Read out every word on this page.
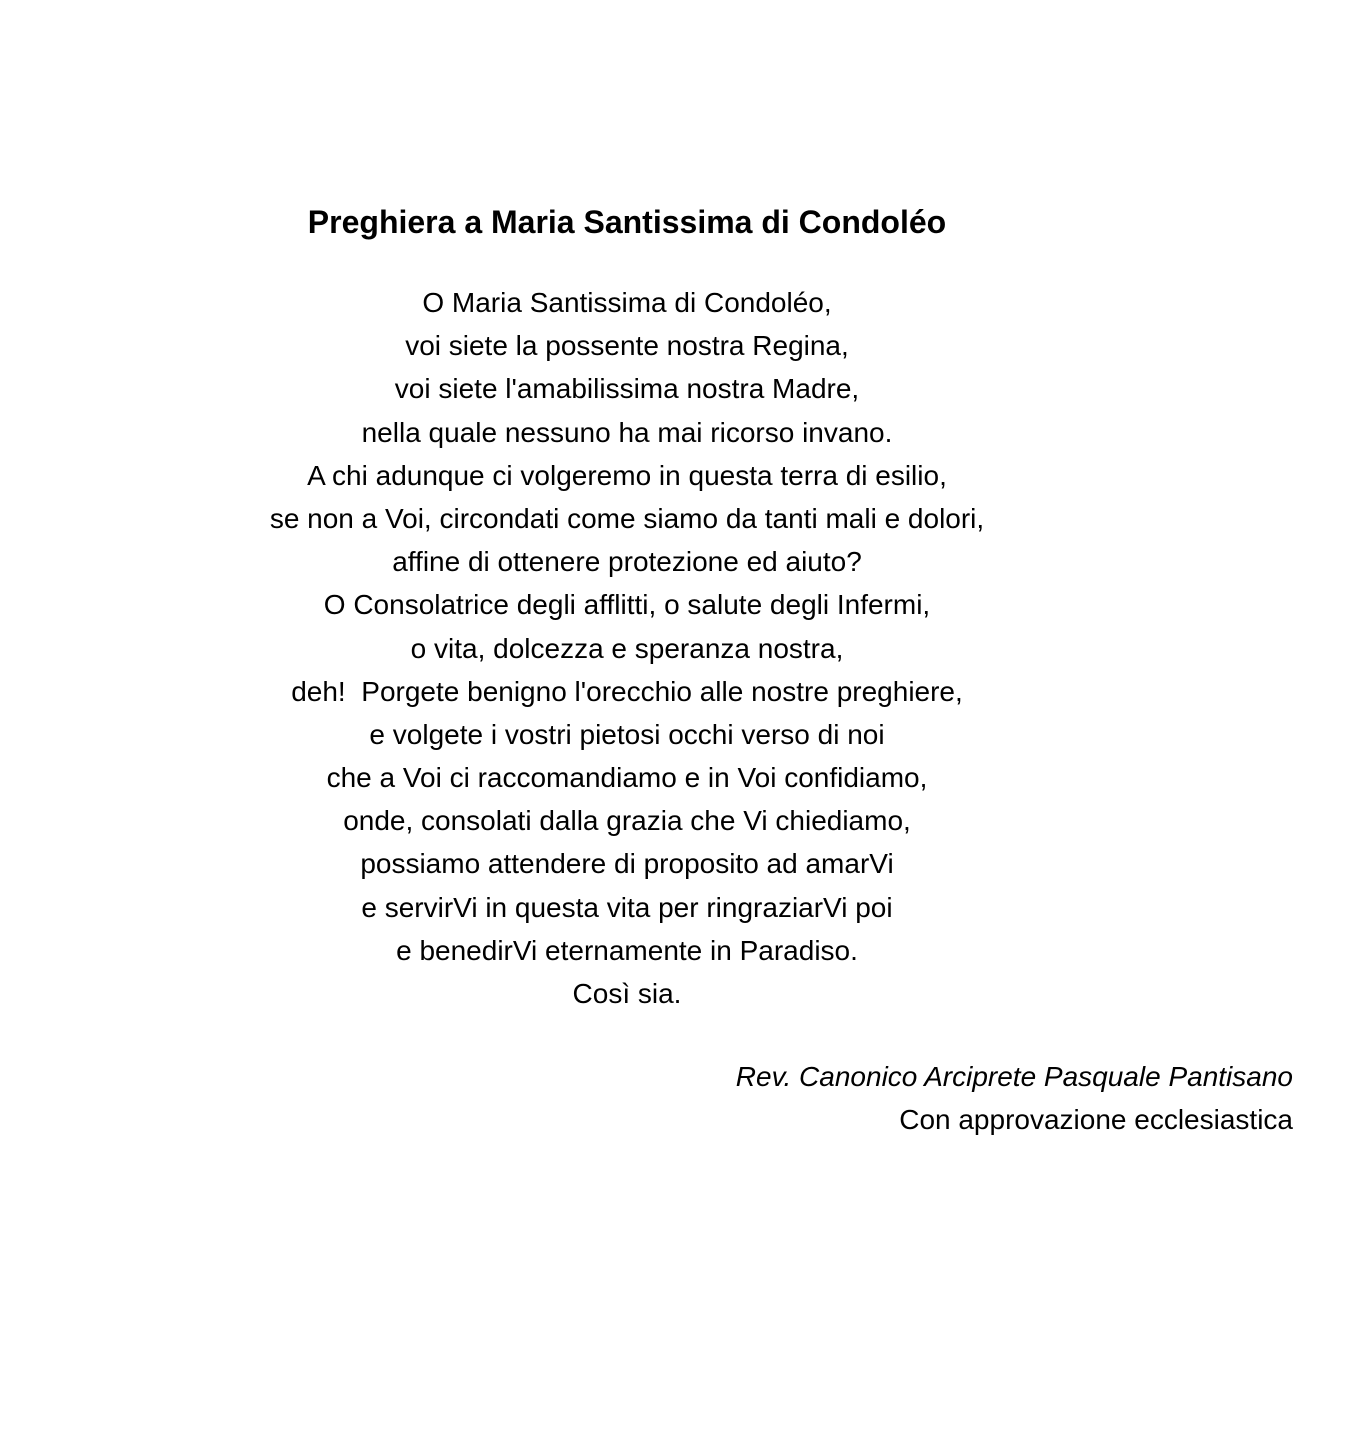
Preghiera a Maria Santissima di Condoléo
O Maria Santissima di Condoléo,
voi siete la possente nostra Regina,
voi siete l'amabilissima nostra Madre,
nella quale nessuno ha mai ricorso invano.
A chi adunque ci volgeremo in questa terra di esilio,
se non a Voi, circondati come siamo da tanti mali e dolori,
affine di ottenere protezione ed aiuto?
O Consolatrice degli afflitti, o salute degli Infermi,
o vita, dolcezza e speranza nostra,
deh!  Porgete benigno l'orecchio alle nostre preghiere,
e volgete i vostri pietosi occhi verso di noi
che a Voi ci raccomandiamo e in Voi confidiamo,
onde, consolati dalla grazia che Vi chiediamo,
possiamo attendere di proposito ad amarVi
e servirVi in questa vita per ringraziarVi poi
e benedirVi eternamente in Paradiso.
Così sia.
Rev. Canonico Arciprete Pasquale Pantisano
Con approvazione ecclesiastica
